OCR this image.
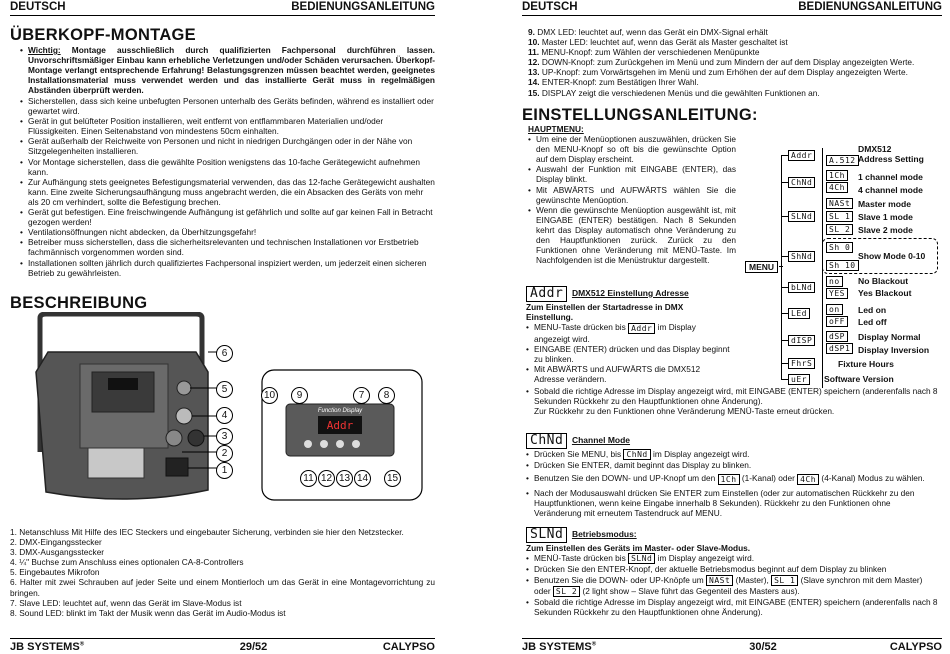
DEUTSCH	BEDIENUNGSANLEITUNG
ÜBERKOPF-MONTAGE

• Wichtig: Montage ausschließlich durch qualifizierten Fachpersonal durchführen lassen. Unvorschriftsmäßiger Einbau kann erhebliche Verletzungen und/oder Schäden verursachen. Überkopf-Montage verlangt entsprechende Erfahrung! Belastungsgrenzen müssen beachtet werden, geeignetes Installationsmaterial muss verwendet werden und das installierte Gerät muss in regelmäßigen Abständen überprüft werden.

• Sicherstellen, dass sich keine unbefugten Personen unterhalb des Geräts befinden, während es installiert oder gewartet wird.

• Gerät in gut belüfteter Position installieren, weit entfernt von entflammbaren Materialien und/oder Flüssigkeiten. Einen Seitenabstand von mindestens 50cm einhalten.

• Gerät außerhalb der Reichweite von Personen und nicht in niedrigen Durchgängen oder in der Nähe von Sitzgelegenheiten installieren.

• Vor Montage sicherstellen, dass die gewählte Position wenigstens das 10-fache Gerätegewicht aufnehmen kann.

• Zur Aufhängung stets geeignetes Befestigungsmaterial verwenden, das das 12-fache Gerätegewicht aushalten kann. Eine zweite Sicherungsaufhängung muss angebracht werden, die ein Absacken des Geräts von mehr als 20 cm verhindert, sollte die Befestigung brechen.

• Gerät gut befestigen. Eine freischwingende Aufhängung ist gefährlich und sollte auf gar keinen Fall in Betracht gezogen werden!

• Ventilationsöffnungen nicht abdecken, da Überhitzungsgefahr!

• Betreiber muss sicherstellen, dass die sicherheitsrelevanten und technischen Installationen vor Erstbetrieb fachmännisch vorgenommen worden sind.

• Installationen sollten jährlich durch qualifiziertes Fachpersonal inspiziert werden, um jederzeit einen sicheren Betrieb zu gewährleisten.

BESCHREIBUNG
Addr
Function Display
6
5
4
3
2
1
10	9	7	8
11 12 13 14 15

1. Netanschluss Mit Hilfe des IEC Steckers und eingebauter Sicherung, verbinden sie hier den Netzstecker.

2. DMX-Eingangsstecker

3. DMX-Ausgangsstecker

4. ¼" Buchse zum Anschluss eines optionalen CA-8-Controllers

5. Eingebautes Mikrofon

6. Halter mit zwei Schrauben auf jeder Seite und einem Montierloch um das Gerät in eine Montagevorrichtung zu bringen.

7. Slave LED: leuchtet auf, wenn das Gerät im Slave-Modus ist

8. Sound LED: blinkt im Takt der Musik wenn das Gerät im Audio-Modus ist

JB SYSTEMS®	29/52	CALYPSO
DEUTSCH	BEDIENUNGSANLEITUNG

9. DMX LED: leuchtet auf, wenn das Gerät ein DMX-Signal erhält

10. Master LED: leuchtet auf, wenn das Gerät als Master geschaltet ist

11. MENU-Knopf: zum Wählen der verschiedenen Menüpunkte

12. DOWN-Knopf: zum Zurückgehen im Menü und zum Mindern der auf dem Display angezeigten Werte.

13. UP-Knopf: zum Vorwärtsgehen im Menü und zum Erhöhen der auf dem Display angezeigten Werte.

14. ENTER-Knopf: zum Bestätigen Ihrer Wahl.

15. DISPLAY zeigt die verschiedenen Menüs und die gewählten Funktionen an.

EINSTELLUNGSANLEITUNG:

HAUPTMENU:

• Um eine der Menüoptionen auszuwählen, drücken Sie den MENU-Knopf so oft bis die gewünschte Option auf dem Display erscheint.

• Auswahl der Funktion mit EINGABE (ENTER), das Display blinkt.

• Mit ABWÄRTS und AUFWÄRTS wählen Sie die gewünschte Menüoption.

• Wenn die gewünschte Menüoption ausgewählt ist, mit EINGABE (ENTER) bestätigen. Nach 8 Sekunden kehrt das Display automatisch ohne Veränderung zu den Hauptfunktionen zurück. Zurück zu den Funktionen ohne Veränderung mit MENÜ-Taste. Im Nachfolgenden ist die Menüstruktur dargestellt.

Addr DMX512 Einstellung Adresse

Zum Einstellen der Startadresse in DMX Einstellung.

• MENU-Taste drücken bis Addr im Display angezeigt wird.

• EINGABE (ENTER) drücken und das Display beginnt zu blinken.

• Mit ABWÄRTS und AUFWÄRTS die DMX512 Adresse verändern.

• Sobald die richtige Adresse im Display angezeigt wird, mit EINGABE (ENTER) speichern (anderenfalls nach 8 Sekunden Rückkehr zu den Hauptfunktionen ohne Änderung).

Zur Rückkehr zu den Funktionen ohne Veränderung MENÜ-Taste erneut drücken.

ChNd Channel Mode

• Drücken Sie MENU, bis ChNd im Display angezeigt wird.

• Drücken Sie ENTER, damit beginnt das Display zu blinken.

• Benutzen Sie den DOWN- und UP-Knopf um den 1Ch (1-Kanal) oder 4Ch (4-Kanal) Modus zu wählen.

• Nach der Modusauswahl drücken Sie ENTER zum Einstellen (oder zur automatischen Rückkehr zu den Hauptfunktionen, wenn keine Eingabe innerhalb 8 Sekunden). Rückkehr zu den Funktionen ohne Veränderung mit erneutem Tastendruck auf MENU.

SLNd Betriebsmodus:

Zum Einstellen des Geräts im Master- oder Slave-Modus.

• MENÜ-Taste drücken bis SLNd im Display angezeigt wird.

• Drücken Sie den ENTER-Knopf, der aktuelle Betriebsmodus beginnt auf dem Display zu blinken

• Benutzen Sie die DOWN- oder UP-Knöpfe um NASt (Master), SL 1 (Slave synchron mit dem Master) oder SL 2 (2 light show – Slave führt das Gegenteil des Masters aus).

• Sobald die richtige Adresse im Display angezeigt wird, mit EINGABE (ENTER) speichern (anderenfalls nach 8 Sekunden Rückkehr zu den Hauptfunktionen ohne Änderung).

JB SYSTEMS®	30/52	CALYPSO
MENU
Addr
ChNd
SLNd
ShNd
bLNd
LEd
dISP
FhrS
uEr
DMX512
A.512 Address Setting
1Ch	1 channel mode
4Ch	4 channel mode
NASt Master mode
SL 1 Slave 1 mode
SL 2 Slave 2 mode
Sh 0
Sh 10
Show Mode 0-10
no	No Blackout
YES	Yes Blackout
on	Led on
oFF	Led off
dSP	Display Normal
dSP1 Display Inversion
Fixture Hours
Software Version
